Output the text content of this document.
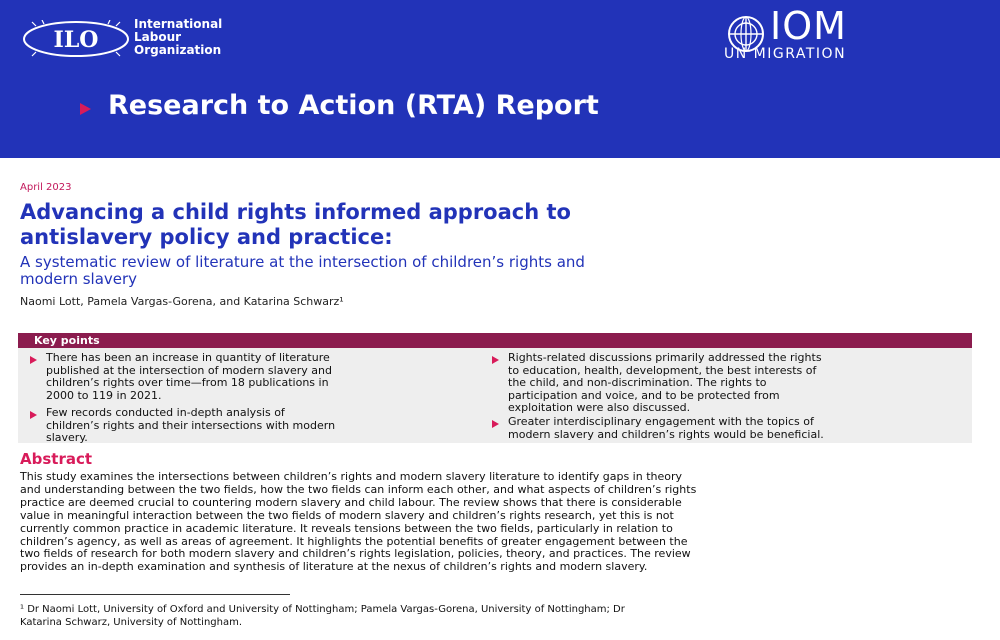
ILO
International
Labour
Organization
IOM
UN MIGRATION
Research to Action (RTA) Report
April 2023
Advancing a child rights informed approach to
antislavery policy and practice:
A systematic review of literature at the intersection of children’s rights and
modern slavery
Naomi Lott, Pamela Vargas-Gorena, and Katarina Schwarz¹
Key points
There has been an increase in quantity of literature
published at the intersection of modern slavery and
children’s rights over time—from 18 publications in
2000 to 119 in 2021.
Few records conducted in-depth analysis of
children’s rights and their intersections with modern
slavery.
Rights-related discussions primarily addressed the rights
to education, health, development, the best interests of
the child, and non-discrimination. The rights to
participation and voice, and to be protected from
exploitation were also discussed.
Greater interdisciplinary engagement with the topics of
modern slavery and children’s rights would be beneficial.
Abstract
This study examines the intersections between children’s rights and modern slavery literature to identify gaps in theory
and understanding between the two fields, how the two fields can inform each other, and what aspects of children’s rights
practice are deemed crucial to countering modern slavery and child labour. The review shows that there is considerable
value in meaningful interaction between the two fields of modern slavery and children’s rights research, yet this is not
currently common practice in academic literature. It reveals tensions between the two fields, particularly in relation to
children’s agency, as well as areas of agreement. It highlights the potential benefits of greater engagement between the
two fields of research for both modern slavery and children’s rights legislation, policies, theory, and practices. The review
provides an in-depth examination and synthesis of literature at the nexus of children’s rights and modern slavery.
¹ Dr Naomi Lott, University of Oxford and University of Nottingham; Pamela Vargas-Gorena, University of Nottingham; Dr
Katarina Schwarz, University of Nottingham.
